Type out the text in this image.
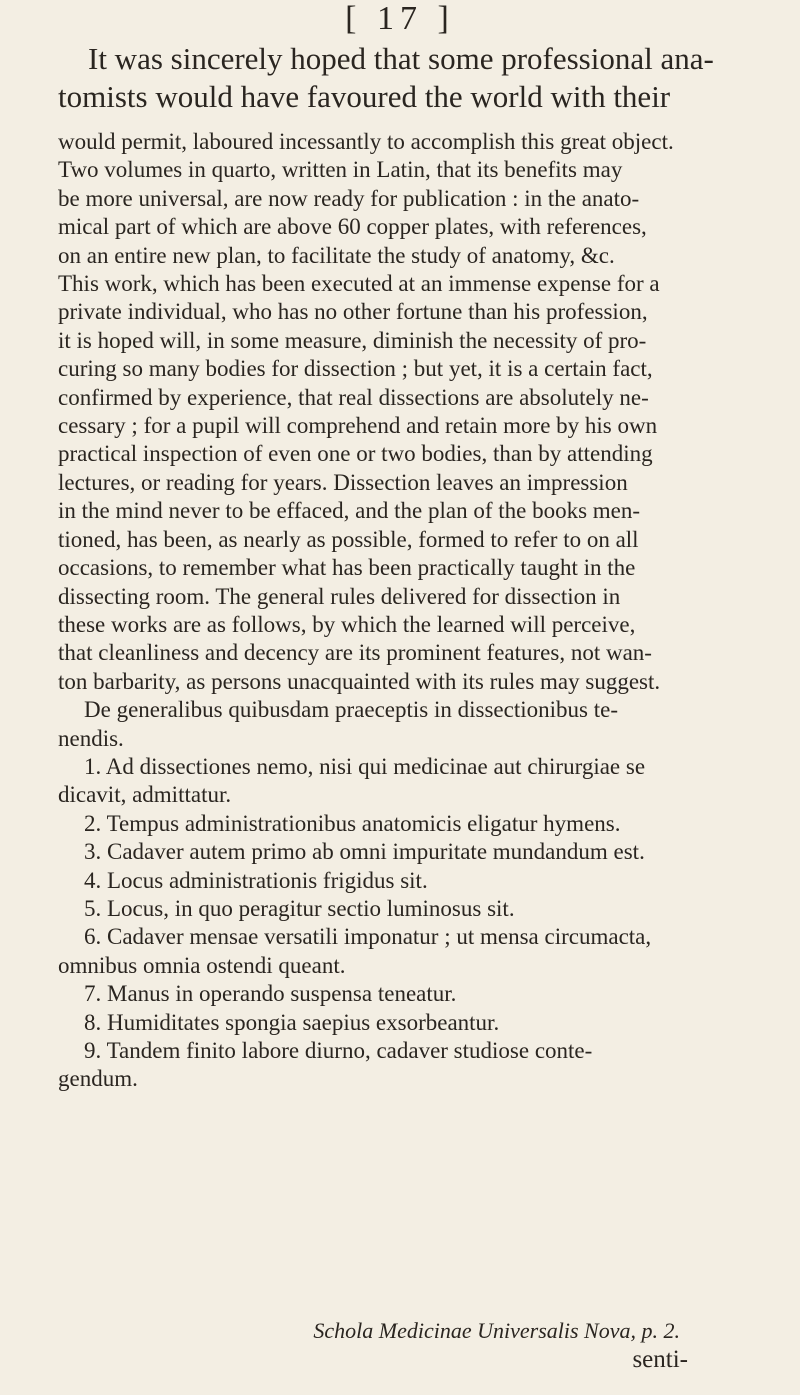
[ 17 ]
It was sincerely hoped that some professional ana-
tomists would have favoured the world with their
would permit, laboured incessantly to accomplish this great object.
Two volumes in quarto, written in Latin, that its benefits may
be more universal, are now ready for publication : in the anato-
mical part of which are above 60 copper plates, with references,
on an entire new plan, to facilitate the study of anatomy, &c.
This work, which has been executed at an immense expense for a
private individual, who has no other fortune than his profession,
it is hoped will, in some measure, diminish the necessity of pro-
curing so many bodies for dissection ; but yet, it is a certain fact,
confirmed by experience, that real dissections are absolutely ne-
cessary ; for a pupil will comprehend and retain more by his own
practical inspection of even one or two bodies, than by attending
lectures, or reading for years. Dissection leaves an impression
in the mind never to be effaced, and the plan of the books men-
tioned, has been, as nearly as possible, formed to refer to on all
occasions, to remember what has been practically taught in the
dissecting room. The general rules delivered for dissection in
these works are as follows, by which the learned will perceive,
that cleanliness and decency are its prominent features, not wan-
ton barbarity, as persons unacquainted with its rules may suggest.
De generalibus quibusdam praeceptis in dissectionibus te-
nendis.
1. Ad dissectiones nemo, nisi qui medicinae aut chirurgiae se
dicavit, admittatur.
2. Tempus administrationibus anatomicis eligatur hymens.
3. Cadaver autem primo ab omni impuritate mundandum est.
4. Locus administrationis frigidus sit.
5. Locus, in quo peragitur sectio luminosus sit.
6. Cadaver mensae versatili imponatur ; ut mensa circumacta,
omnibus omnia ostendi queant.
7. Manus in operando suspensa teneatur.
8. Humiditates spongia saepius exsorbeantur.
9. Tandem finito labore diurno, cadaver studiose conte-
gendum.
Schola Medicinae Universalis Nova, p. 2.
senti-
